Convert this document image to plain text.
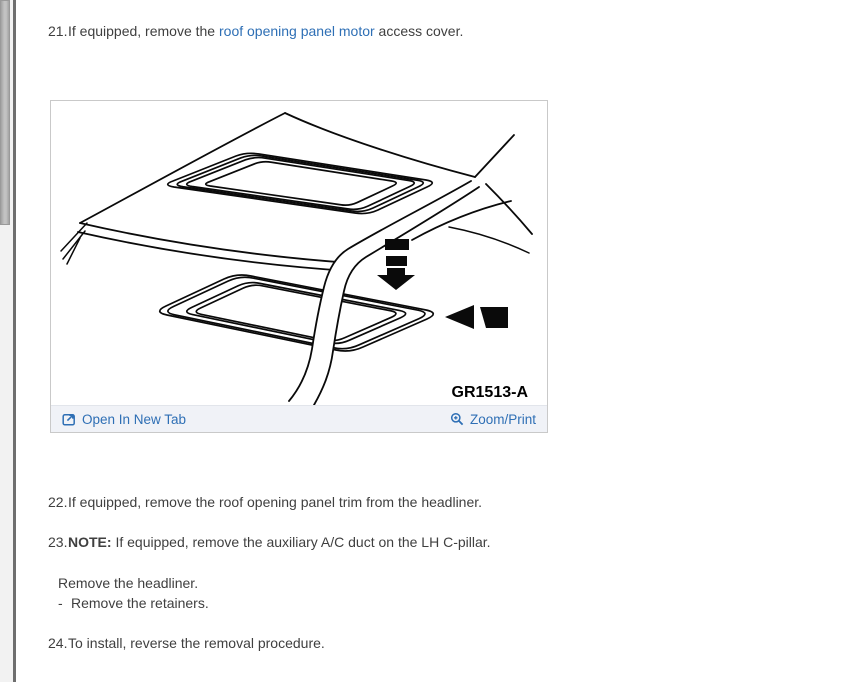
21.If equipped, remove the roof opening panel motor access cover.
GR1513-A
Open In New Tab	Zoom/Print
22.If equipped, remove the roof opening panel trim from the headliner.
23.NOTE: If equipped, remove the auxiliary A/C duct on the LH C-pillar.
Remove the headliner.
- Remove the retainers.
24.To install, reverse the removal procedure.
